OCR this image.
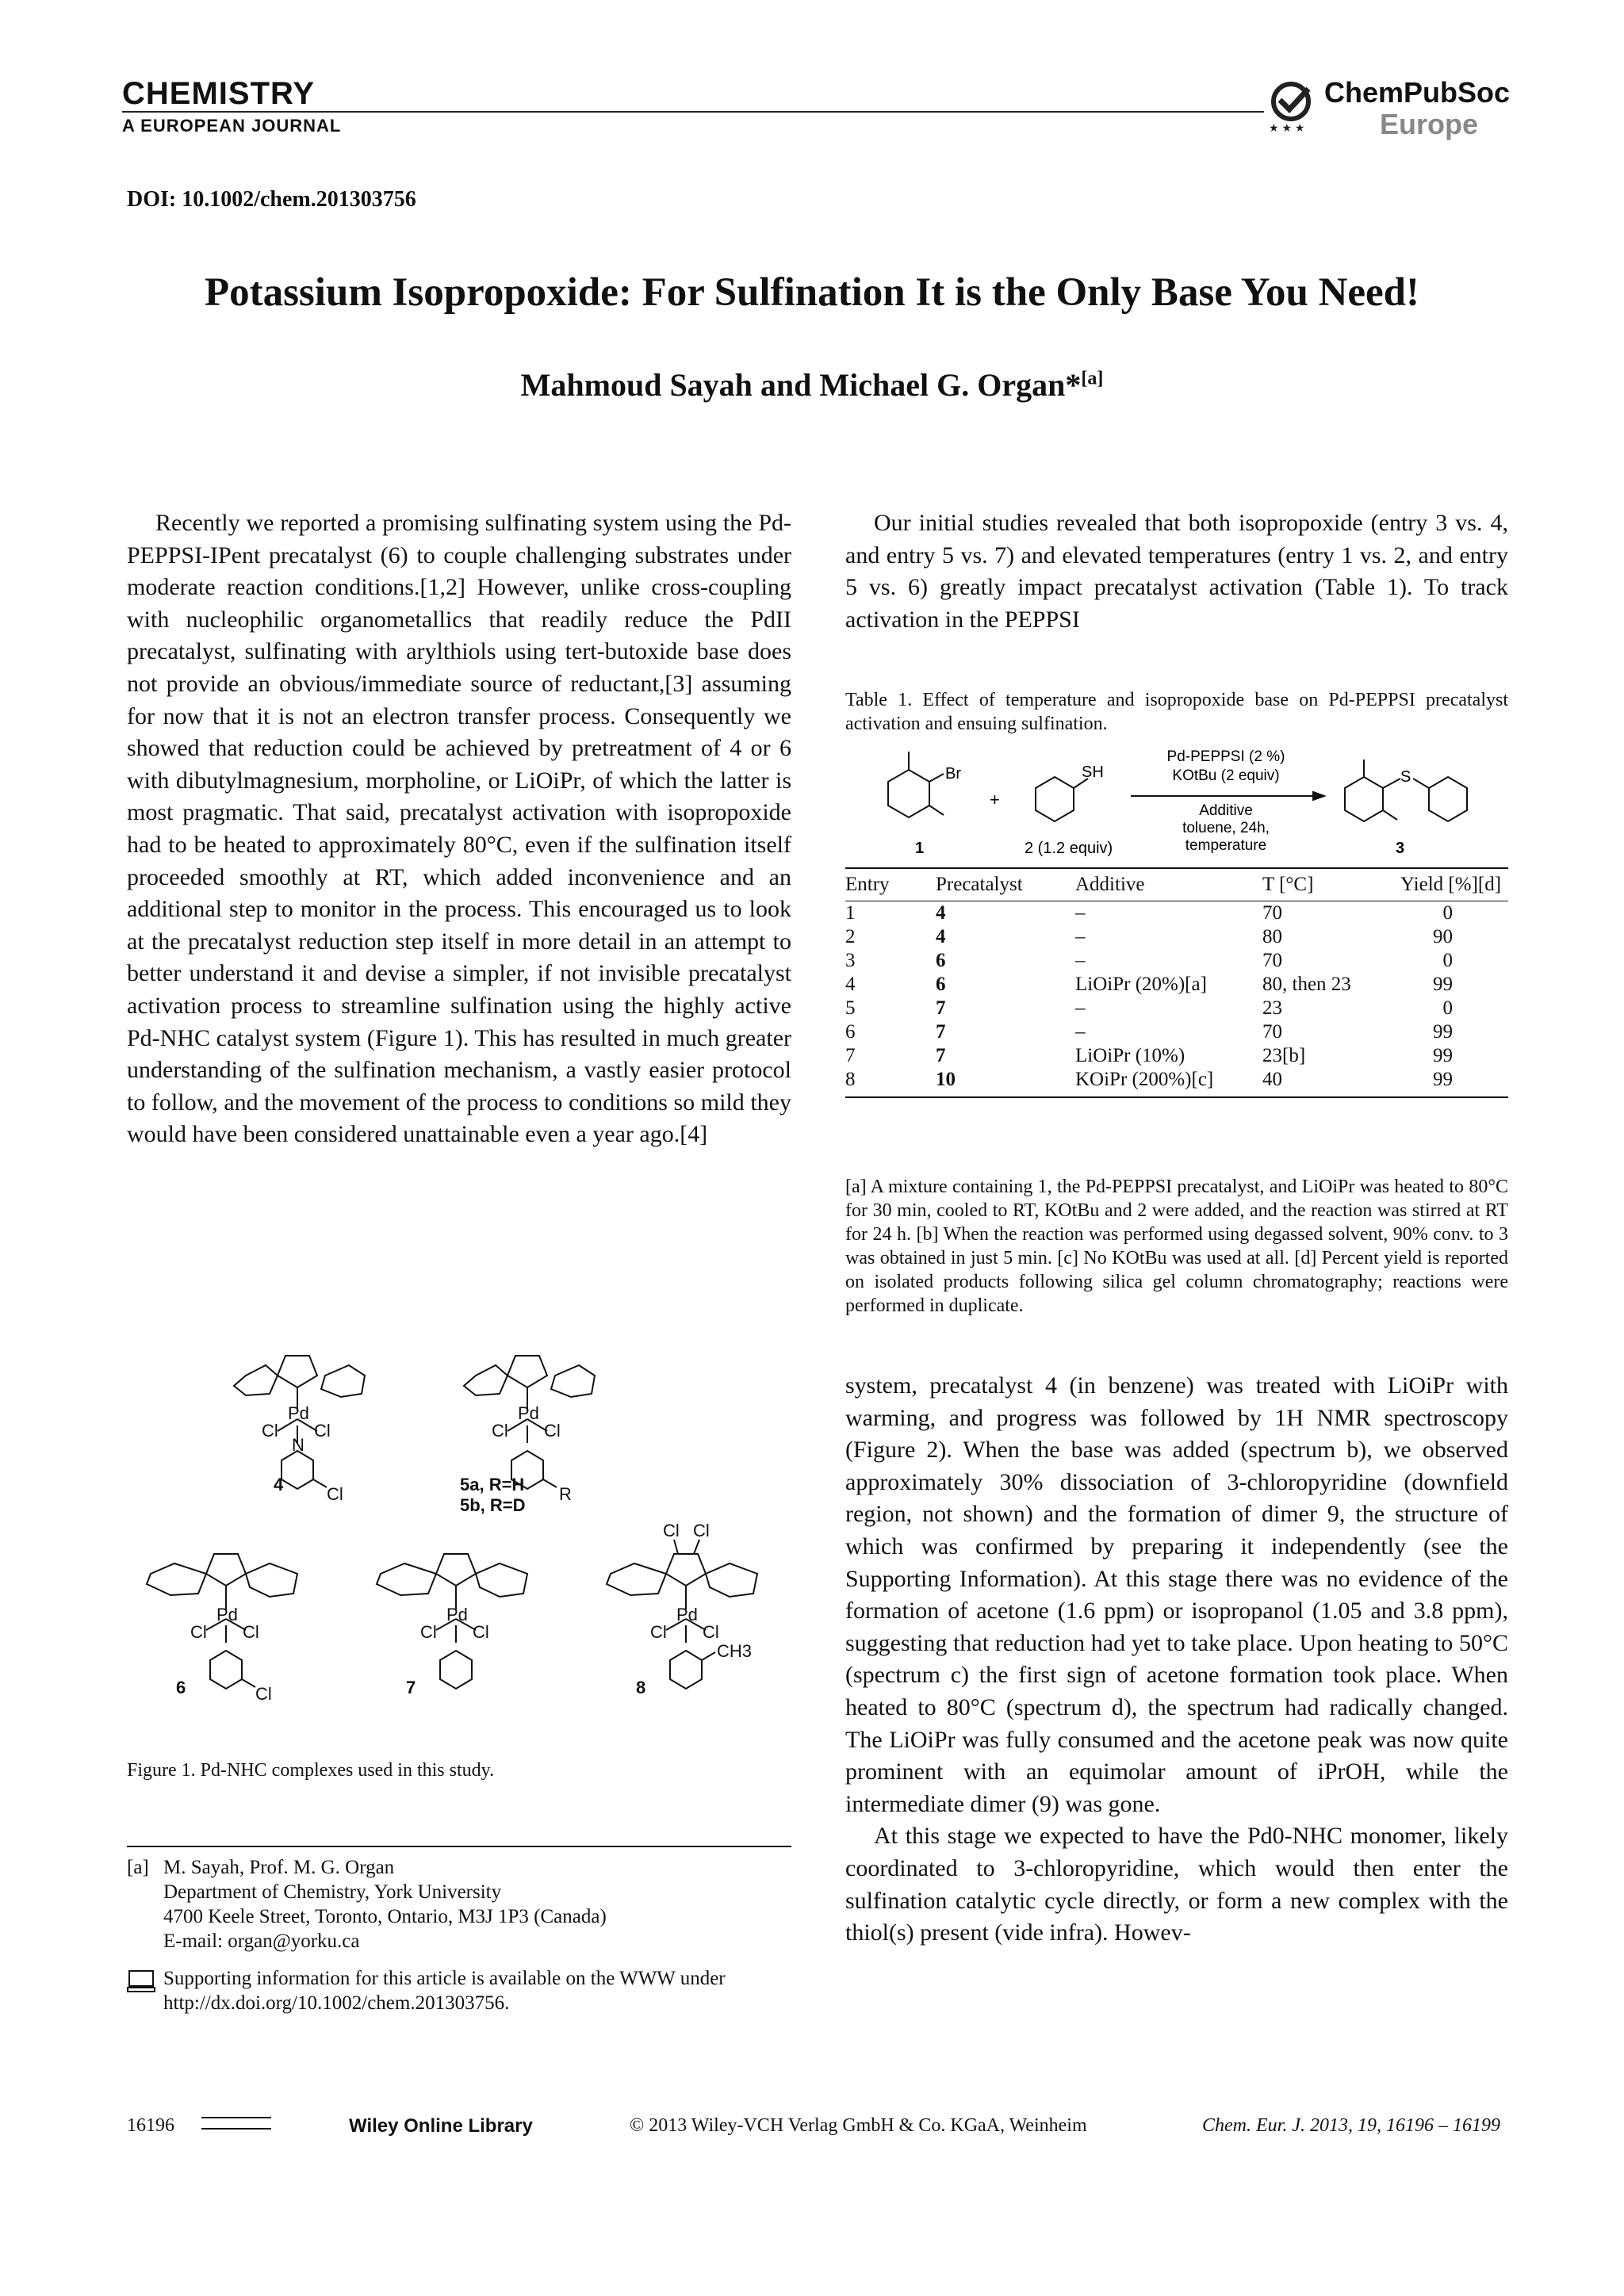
CHEMISTRY
A EUROPEAN JOURNAL	★ ★ ★
ChemPubSoc
Europe
DOI: 10.1002/chem.201303756
Potassium Isopropoxide: For Sulfination It is the Only Base You Need!
Mahmoud Sayah and Michael G. Organ*[a]

Recently we reported a promising sulfinating system using the Pd-PEPPSI-IPent precatalyst (6) to couple challenging substrates under moderate reaction conditions.[1,2] However, unlike cross-coupling with nucleophilic organometallics that readily reduce the PdII precatalyst, sulfinating with arylthiols using tert-butoxide base does not provide an obvious/immediate source of reductant,[3] assuming for now that it is not an electron transfer process. Consequently we showed that reduction could be achieved by pretreatment of 4 or 6 with dibutylmagnesium, morpholine, or LiOiPr, of which the latter is most pragmatic. That said, precatalyst activation with isopropoxide had to be heated to approximately 80°C, even if the sulfination itself proceeded smoothly at RT, which added inconvenience and an additional step to monitor in the process. This encouraged us to look at the precatalyst reduction step itself in more detail in an attempt to better understand it and devise a simpler, if not invisible precatalyst activation process to streamline sulfination using the highly active Pd-NHC catalyst system (Figure 1). This has resulted in much greater understanding of the sulfination mechanism, a vastly easier protocol to follow, and the movement of the process to conditions so mild they would have been considered unattainable even a year ago.[4]

Our initial studies revealed that both isopropoxide (entry 3 vs. 4, and entry 5 vs. 7) and elevated temperatures (entry 1 vs. 2, and entry 5 vs. 6) greatly impact precatalyst activation (Table 1). To track activation in the PEPPSI

Table 1. Effect of temperature and isopropoxide base on Pd-PEPPSI precatalyst activation and ensuing sulfination.
Br
1
+
SH
2 (1.2 equiv)
Pd-PEPPSI (2 %)
KOtBu (2 equiv)
Additive
toluene, 24h,
temperature
S
3
Entry	Precatalyst	Additive	T [°C]	Yield [%][d]
1	4	–	70	0
2	4	–	80	90
3	6	–	70	0
4	6	LiOiPr (20%)[a]	80, then 23	99
5	7	–	23	0
6	7	–	70	99
7	7	LiOiPr (10%)	23[b]	99
8	10	KOiPr (200%)[c]	40	99
[a] A mixture containing 1, the Pd-PEPPSI precatalyst, and LiOiPr was heated to 80°C for 30 min, cooled to RT, KOtBu and 2 were added, and the reaction was stirred at RT for 24 h. [b] When the reaction was performed using degassed solvent, 90% conv. to 3 was obtained in just 5 min. [c] No KOtBu was used at all. [d] Percent yield is reported on isolated products following silica gel column chromatography; reactions were performed in duplicate.

system, precatalyst 4 (in benzene) was treated with LiOiPr with warming, and progress was followed by 1H NMR spectroscopy (Figure 2). When the base was added (spectrum b), we observed approximately 30% dissociation of 3-chloropyridine (downfield region, not shown) and the formation of dimer 9, the structure of which was confirmed by preparing it independently (see the Supporting Information). At this stage there was no evidence of the formation of acetone (1.6 ppm) or isopropanol (1.05 and 3.8 ppm), suggesting that reduction had yet to take place. Upon heating to 50°C (spectrum c) the first sign of acetone formation took place. When heated to 80°C (spectrum d), the spectrum had radically changed. The LiOiPr was fully consumed and the acetone peak was now quite prominent with an equimolar amount of iPrOH, while the intermediate dimer (9) was gone.

At this stage we expected to have the Pd0-NHC monomer, likely coordinated to 3-chloropyridine, which would then enter the sulfination catalytic cycle directly, or form a new complex with the thiol(s) present (vide infra). Howev-

Pd
Cl Cl
Cl
N
Pd
Cl Cl
R
Pd
Cl Cl
Cl
Pd
Cl Cl
Pd
Cl Cl
Cl Cl
CH3
4	5a, R=H
5b, R=D
6	7	8
Figure 1. Pd-NHC complexes used in this study.
[a] M. Sayah, Prof. M. G. Organ
Department of Chemistry, York University
4700 Keele Street, Toronto, Ontario, M3J 1P3 (Canada)
E-mail: organ@yorku.ca
Supporting information for this article is available on the WWW under http://dx.doi.org/10.1002/chem.201303756.
16196	Wiley Online Library	© 2013 Wiley-VCH Verlag GmbH & Co. KGaA, Weinheim	Chem. Eur. J. 2013, 19, 16196 – 16199
